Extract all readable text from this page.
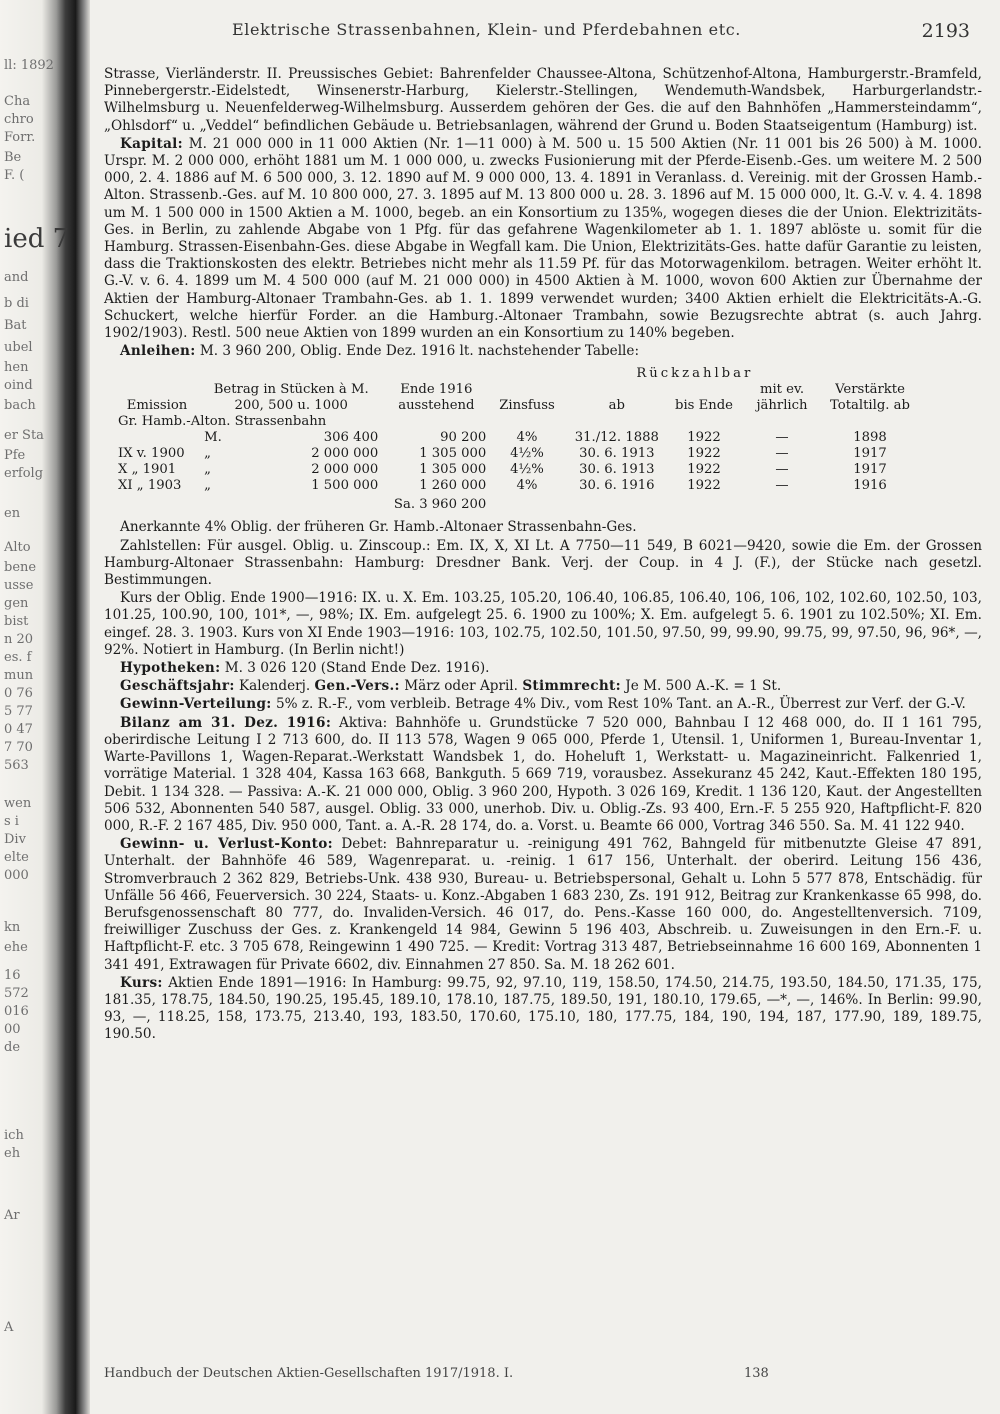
ll: 1892
Cha
chro
Forr.
Be
F. (
ied 7
and
b di
Bat
ubel
hen
oind
bach
er Sta
Pfe
erfolg
en
Alto
bene
usse
gen
bist
n 20
es. f
mun
0 76
5 77
0 47
7 70
563
wen
s i
Div
elte
000
kn
ehe
16
572
016
00
de
Ar
ich
eh
A
Elektrische Strassenbahnen, Klein- und Pferdebahnen etc.	2193

Strasse, Vierländerstr. II. Preussisches Gebiet: Bahrenfelder Chaussee-Altona, Schützenhof-Altona, Hamburgerstr.-Bramfeld, Pinnebergerstr.-Eidelstedt, Winsenerstr-Harburg, Kielerstr.-Stellingen, Wendemuth-Wandsbek, Harburgerlandstr.-Wilhelmsburg u. Neuenfelderweg-Wilhelmsburg. Ausserdem gehören der Ges. die auf den Bahnhöfen „Hammersteindamm“, „Ohlsdorf“ u. „Veddel“ befindlichen Gebäude u. Betriebsanlagen, während der Grund u. Boden Staatseigentum (Hamburg) ist.

Kapital: M. 21 000 000 in 11 000 Aktien (Nr. 1—11 000) à M. 500 u. 15 500 Aktien (Nr. 11 001 bis 26 500) à M. 1000. Urspr. M. 2 000 000, erhöht 1881 um M. 1 000 000, u. zwecks Fusionierung mit der Pferde-Eisenb.-Ges. um weitere M. 2 500 000, 2. 4. 1886 auf M. 6 500 000, 3. 12. 1890 auf M. 9 000 000, 13. 4. 1891 in Veranlass. d. Vereinig. mit der Grossen Hamb.-Alton. Strassenb.-Ges. auf M. 10 800 000, 27. 3. 1895 auf M. 13 800 000 u. 28. 3. 1896 auf M. 15 000 000, lt. G.-V. v. 4. 4. 1898 um M. 1 500 000 in 1500 Aktien a M. 1000, begeb. an ein Konsortium zu 135%, wogegen dieses die der Union. Elektrizitäts-Ges. in Berlin, zu zahlende Abgabe von 1 Pfg. für das gefahrene Wagenkilometer ab 1. 1. 1897 ablöste u. somit für die Hamburg. Strassen-Eisenbahn-Ges. diese Abgabe in Wegfall kam. Die Union, Elektrizitäts-Ges. hatte dafür Garantie zu leisten, dass die Traktionskosten des elektr. Betriebes nicht mehr als 11.59 Pf. für das Motorwagenkilom. betragen. Weiter erhöht lt. G.-V. v. 6. 4. 1899 um M. 4 500 000 (auf M. 21 000 000) in 4500 Aktien à M. 1000, wovon 600 Aktien zur Übernahme der Aktien der Hamburg-Altonaer Trambahn-Ges. ab 1. 1. 1899 verwendet wurden; 3400 Aktien erhielt die Elektricitäts-A.-G. Schuckert, welche hierfür Forder. an die Hamburg.-Altonaer Trambahn, sowie Bezugsrechte abtrat (s. auch Jahrg. 1902/1903). Restl. 500 neue Aktien von 1899 wurden an ein Konsortium zu 140% begeben.

Anleihen: M. 3 960 200, Oblig. Ende Dez. 1916 lt. nachstehender Tabelle:

Emission	Betrag in Stücken à M. 200, 500 u. 1000		Ende 1916 ausstehend	Zinsfuss	Rückzahlbar			Verstärkte Totaltilg. ab
					ab	bis Ende	mit ev. jährlich	
Gr. Hamb.-Alton. Strassenbahn								
	M.	306 400	90 200	4%	31./12. 1888	1922	—	1898
IX v. 1900	„	2 000 000	1 305 000	4½%	30. 6. 1913	1922	—	1917
X „ 1901	„	2 000 000	1 305 000	4½%	30. 6. 1913	1922	—	1917
XI „ 1903	„	1 500 000	1 260 000	4%	30. 6. 1916	1922	—	1916
			Sa. 3 960 200					

Anerkannte 4% Oblig. der früheren Gr. Hamb.-Altonaer Strassenbahn-Ges.

Zahlstellen: Für ausgel. Oblig. u. Zinscoup.: Em. IX, X, XI Lt. A 7750—11 549, B 6021—9420, sowie die Em. der Grossen Hamburg-Altonaer Strassenbahn: Hamburg: Dresdner Bank. Verj. der Coup. in 4 J. (F.), der Stücke nach gesetzl. Bestimmungen.

Kurs der Oblig. Ende 1900—1916: IX. u. X. Em. 103.25, 105.20, 106.40, 106.85, 106.40, 106, 106, 102, 102.60, 102.50, 103, 101.25, 100.90, 100, 101*, —, 98%; IX. Em. aufgelegt 25. 6. 1900 zu 100%; X. Em. aufgelegt 5. 6. 1901 zu 102.50%; XI. Em. eingef. 28. 3. 1903. Kurs von XI Ende 1903—1916: 103, 102.75, 102.50, 101.50, 97.50, 99, 99.90, 99.75, 99, 97.50, 96, 96*, —, 92%. Notiert in Hamburg. (In Berlin nicht!)

Hypotheken: M. 3 026 120 (Stand Ende Dez. 1916).

Geschäftsjahr: Kalenderj. Gen.-Vers.: März oder April. Stimmrecht: Je M. 500 A.-K. = 1 St.

Gewinn-Verteilung: 5% z. R.-F., vom verbleib. Betrage 4% Div., vom Rest 10% Tant. an A.-R., Überrest zur Verf. der G.-V.

Bilanz am 31. Dez. 1916: Aktiva: Bahnhöfe u. Grundstücke 7 520 000, Bahnbau I 12 468 000, do. II 1 161 795, oberirdische Leitung I 2 713 600, do. II 113 578, Wagen 9 065 000, Pferde 1, Utensil. 1, Uniformen 1, Bureau-Inventar 1, Warte-Pavillons 1, Wagen-Reparat.-Werkstatt Wandsbek 1, do. Hoheluft 1, Werkstatt- u. Magazineinricht. Falkenried 1, vorrätige Material. 1 328 404, Kassa 163 668, Bankguth. 5 669 719, vorausbez. Assekuranz 45 242, Kaut.-Effekten 180 195, Debit. 1 134 328. — Passiva: A.-K. 21 000 000, Oblig. 3 960 200, Hypoth. 3 026 169, Kredit. 1 136 120, Kaut. der Angestellten 506 532, Abonnenten 540 587, ausgel. Oblig. 33 000, unerhob. Div. u. Oblig.-Zs. 93 400, Ern.-F. 5 255 920, Haftpflicht-F. 820 000, R.-F. 2 167 485, Div. 950 000, Tant. a. A.-R. 28 174, do. a. Vorst. u. Beamte 66 000, Vortrag 346 550. Sa. M. 41 122 940.

Gewinn- u. Verlust-Konto: Debet: Bahnreparatur u. -reinigung 491 762, Bahngeld für mitbenutzte Gleise 47 891, Unterhalt. der Bahnhöfe 46 589, Wagenreparat. u. -reinig. 1 617 156, Unterhalt. der oberird. Leitung 156 436, Stromverbrauch 2 362 829, Betriebs-Unk. 438 930, Bureau- u. Betriebspersonal, Gehalt u. Lohn 5 577 878, Entschädig. für Unfälle 56 466, Feuerversich. 30 224, Staats- u. Konz.-Abgaben 1 683 230, Zs. 191 912, Beitrag zur Krankenkasse 65 998, do. Berufsgenossenschaft 80 777, do. Invaliden-Versich. 46 017, do. Pens.-Kasse 160 000, do. Angestelltenversich. 7109, freiwilliger Zuschuss der Ges. z. Krankengeld 14 984, Gewinn 5 196 403, Abschreib. u. Zuweisungen in den Ern.-F. u. Haftpflicht-F. etc. 3 705 678, Reingewinn 1 490 725. — Kredit: Vortrag 313 487, Betriebseinnahme 16 600 169, Abonnenten 1 341 491, Extrawagen für Private 6602, div. Einnahmen 27 850. Sa. M. 18 262 601.

Kurs: Aktien Ende 1891—1916: In Hamburg: 99.75, 92, 97.10, 119, 158.50, 174.50, 214.75, 193.50, 184.50, 171.35, 175, 181.35, 178.75, 184.50, 190.25, 195.45, 189.10, 178.10, 187.75, 189.50, 191, 180.10, 179.65, —*, —, 146%. In Berlin: 99.90, 93, —, 118.25, 158, 173.75, 213.40, 193, 183.50, 170.60, 175.10, 180, 177.75, 184, 190, 194, 187, 177.90, 189, 189.75, 190.50.

Handbuch der Deutschen Aktien-Gesellschaften 1917/1918. I.	138
